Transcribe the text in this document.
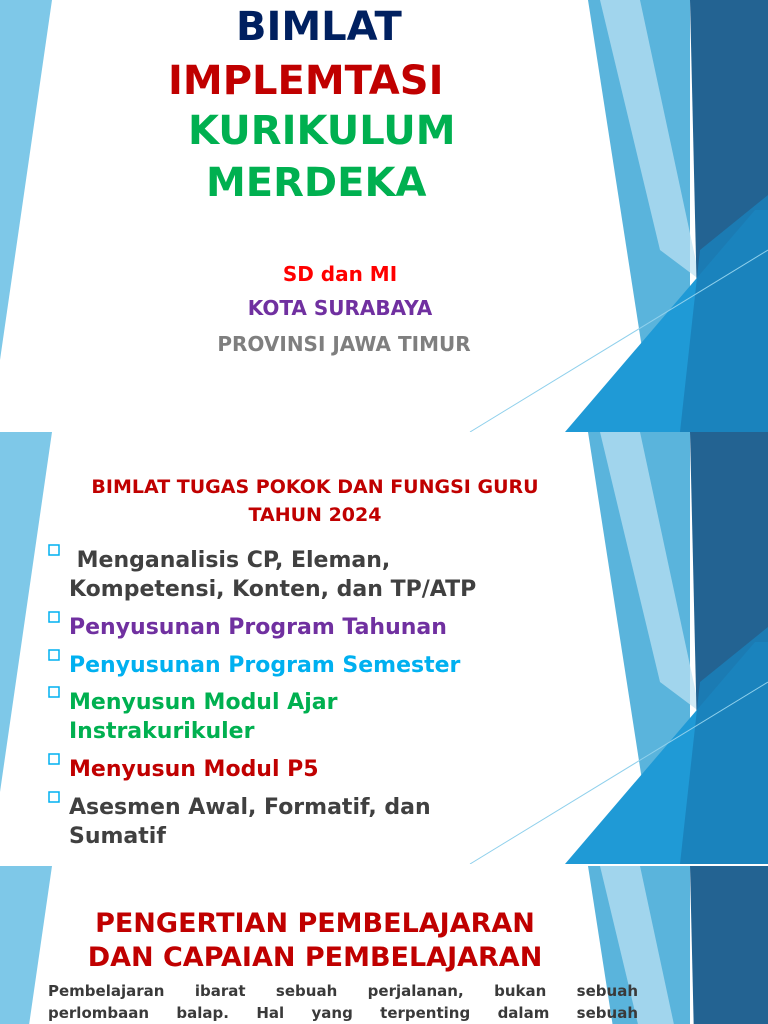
BIMLAT
IMPLEMTASI
KURIKULUM
MERDEKA
SD dan MI
KOTA SURABAYA
PROVINSI JAWA TIMUR
BIMLAT TUGAS POKOK DAN FUNGSI GURU
TAHUN 2024
Menganalisis CP, Eleman,
Kompetensi, Konten, dan TP/ATP
Penyusunan Program Tahunan
Penyusunan Program Semester
Menyusun Modul Ajar
Instrakurikuler
Menyusun Modul P5
Asesmen Awal, Formatif, dan
Sumatif
PENGERTIAN PEMBELAJARAN
DAN CAPAIAN PEMBELAJARAN
Pembelajaran ibarat sebuah perjalanan, bukan sebuah
perlombaan balap. Hal yang terpenting dalam sebuah
